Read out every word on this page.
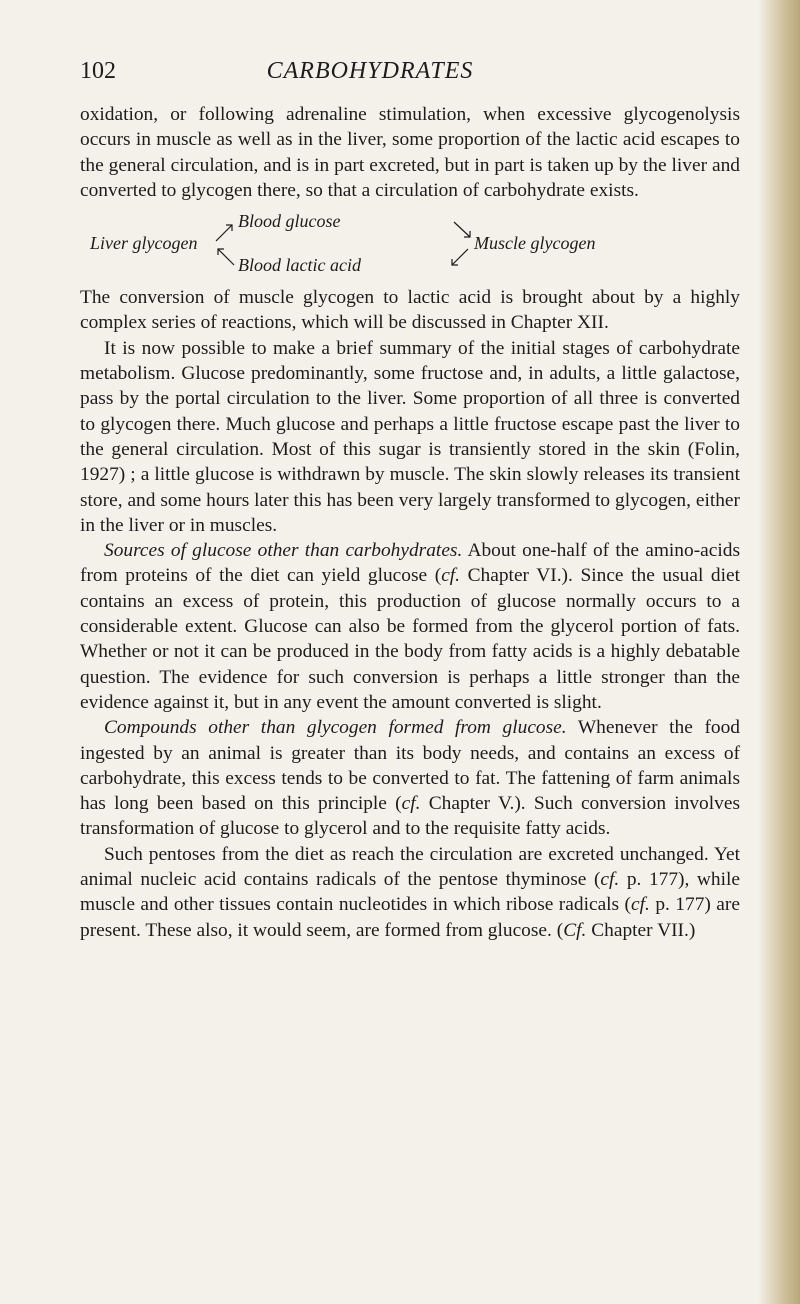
102	CARBOHYDRATES

oxidation, or following adrenaline stimulation, when excessive glycogenolysis occurs in muscle as well as in the liver, some proportion of the lactic acid escapes to the general circulation, and is in part excreted, but in part is taken up by the liver and converted to glycogen there, so that a circulation of carbohydrate exists.

Blood glucose
Liver glycogen	Muscle glycogen
Blood lactic acid

The conversion of muscle glycogen to lactic acid is brought about by a highly complex series of reactions, which will be discussed in Chapter XII.

It is now possible to make a brief summary of the initial stages of carbohydrate metabolism. Glucose predominantly, some fructose and, in adults, a little galactose, pass by the portal circulation to the liver. Some proportion of all three is converted to glycogen there. Much glucose and perhaps a little fructose escape past the liver to the general circulation. Most of this sugar is transiently stored in the skin (Folin, 1927) ; a little glucose is withdrawn by muscle. The skin slowly releases its transient store, and some hours later this has been very largely transformed to glycogen, either in the liver or in muscles.

Sources of glucose other than carbohydrates. About one-half of the amino-acids from proteins of the diet can yield glucose (cf. Chapter VI.). Since the usual diet contains an excess of protein, this production of glucose normally occurs to a considerable extent. Glucose can also be formed from the glycerol portion of fats. Whether or not it can be produced in the body from fatty acids is a highly debatable question. The evidence for such conversion is perhaps a little stronger than the evidence against it, but in any event the amount converted is slight.

Compounds other than glycogen formed from glucose. Whenever the food ingested by an animal is greater than its body needs, and contains an excess of carbohydrate, this excess tends to be converted to fat. The fattening of farm animals has long been based on this principle (cf. Chapter V.). Such conversion involves transformation of glucose to glycerol and to the requisite fatty acids.

Such pentoses from the diet as reach the circulation are excreted unchanged. Yet animal nucleic acid contains radicals of the pentose thyminose (cf. p. 177), while muscle and other tissues contain nucleotides in which ribose radicals (cf. p. 177) are present. These also, it would seem, are formed from glucose. (Cf. Chapter VII.)
